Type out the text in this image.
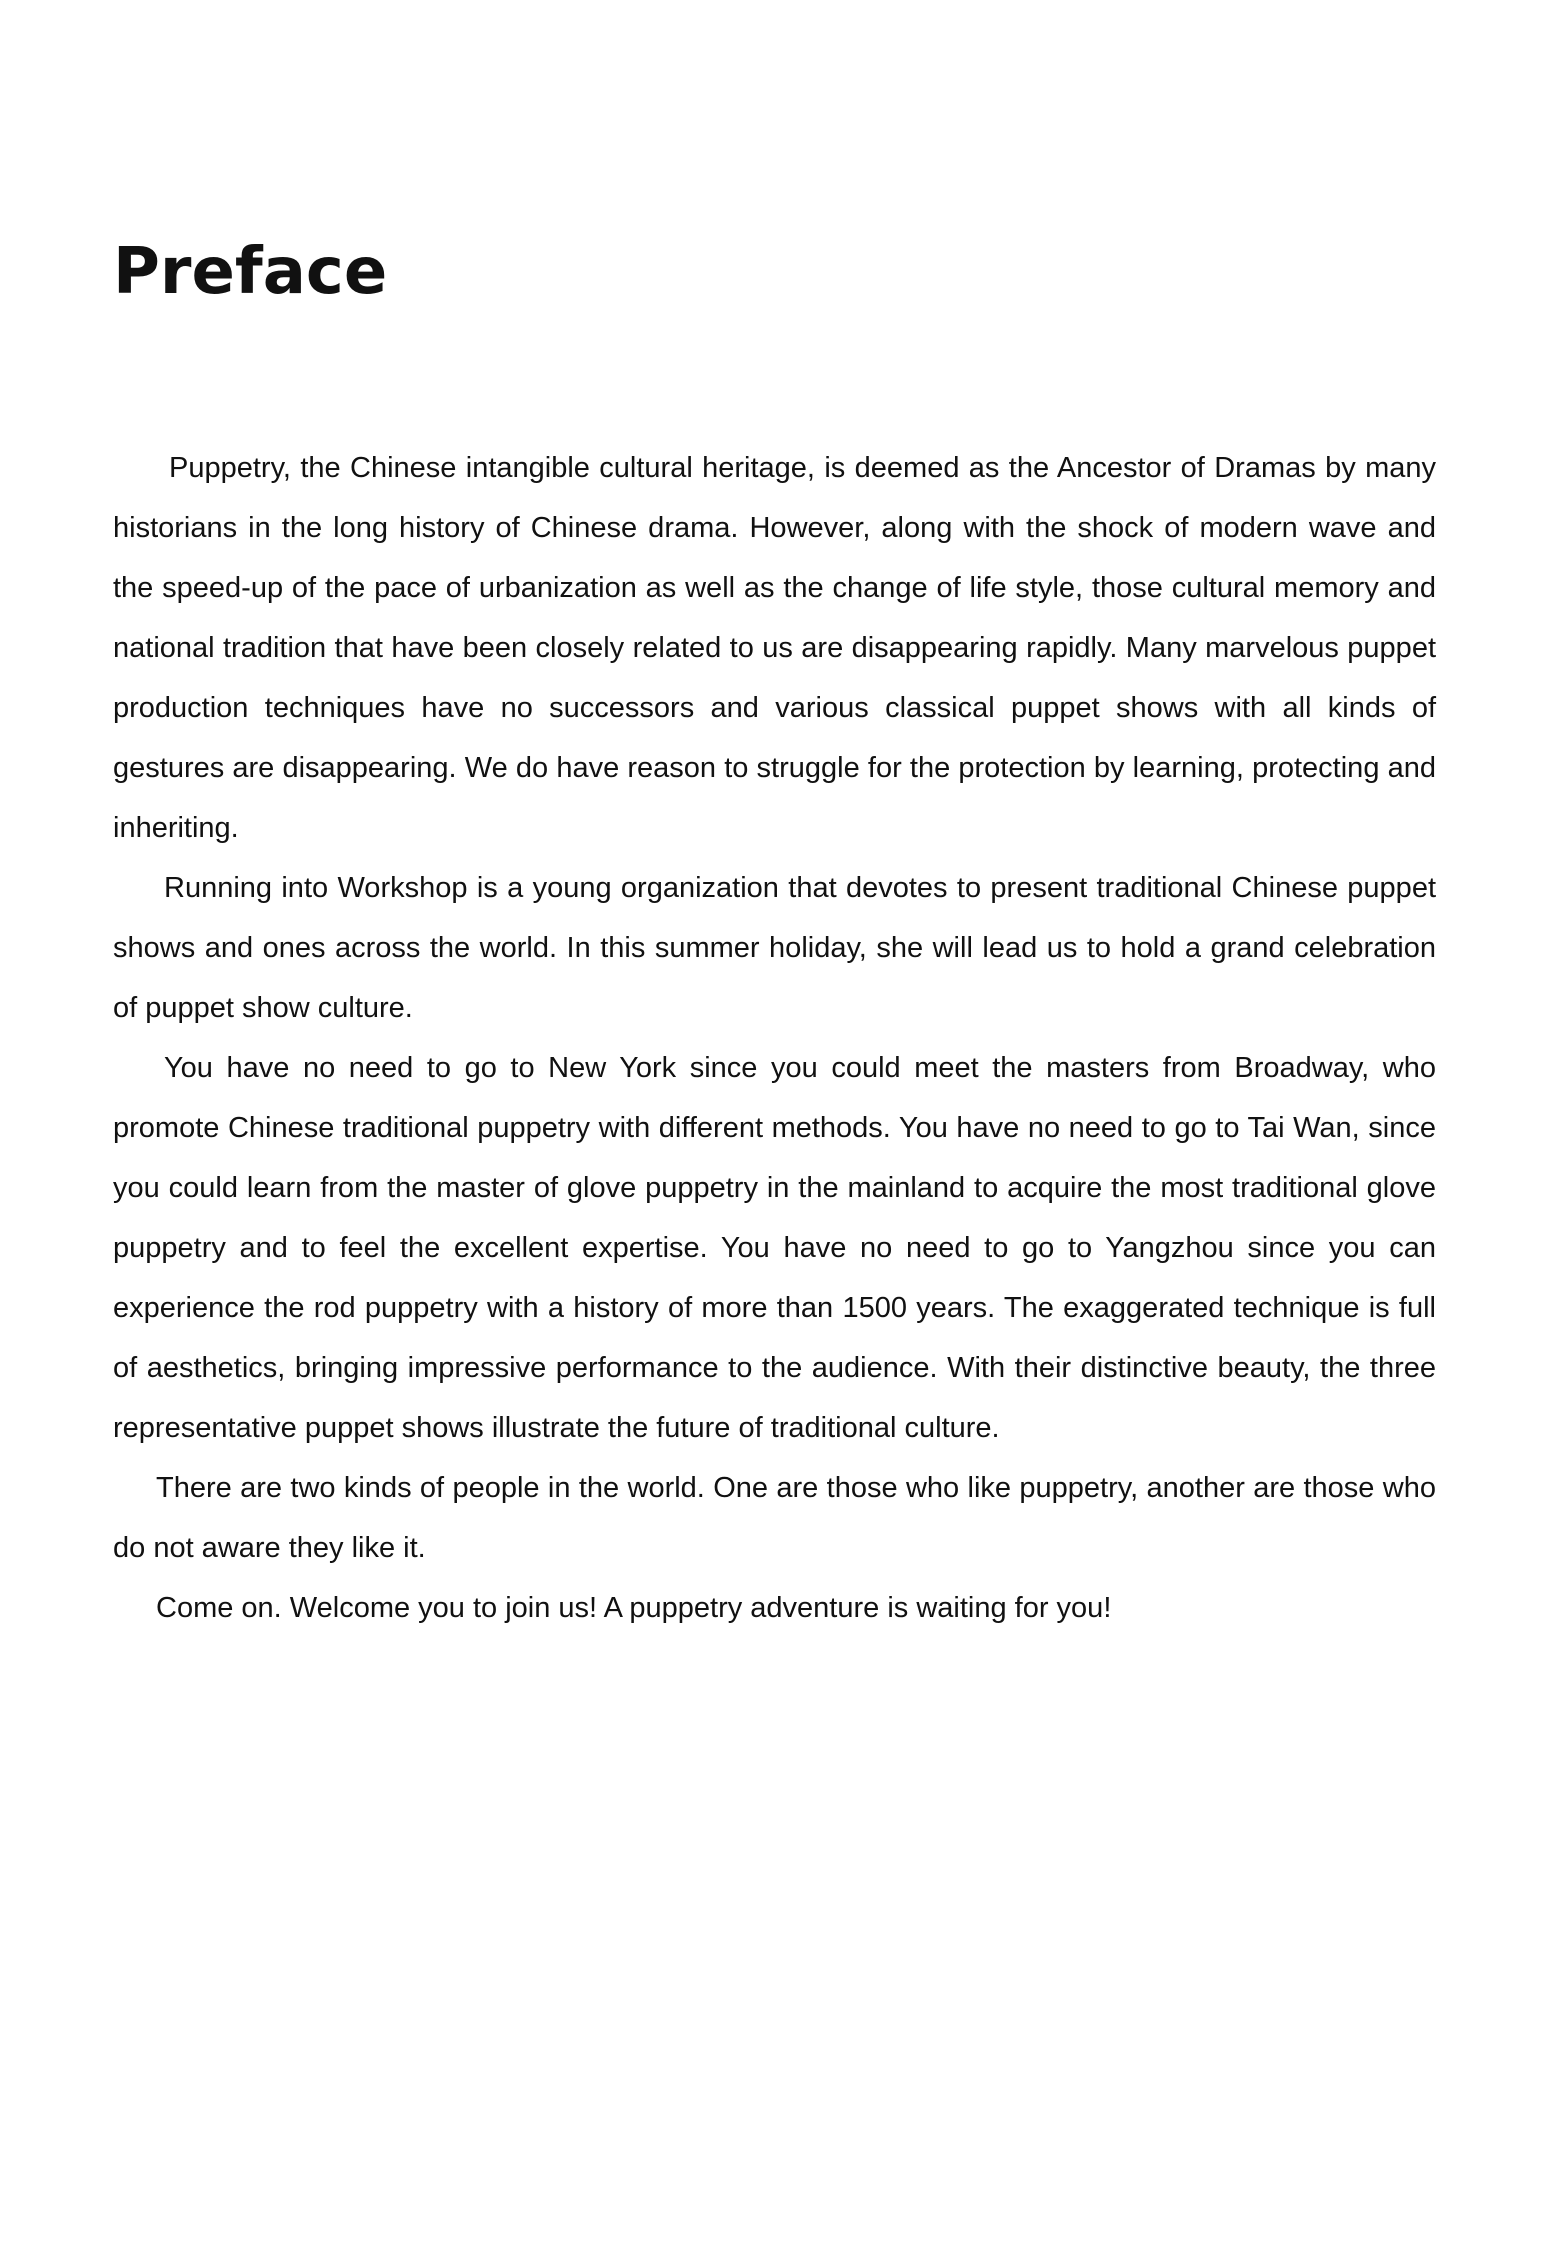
Preface

Puppetry, the Chinese intangible cultural heritage, is deemed as the Ancestor of Dramas by many historians in the long history of Chinese drama. However, along with the shock of modern wave and the speed-up of the pace of urbanization as well as the change of life style, those cultural memory and national tradition that have been closely related to us are disappearing rapidly. Many marvelous puppet production techniques have no successors and various classical puppet shows with all kinds of gestures are disappearing. We do have reason to struggle for the protection by learning, protecting and inheriting.

Running into Workshop is a young organization that devotes to present traditional Chinese puppet shows and ones across the world. In this summer holiday, she will lead us to hold a grand celebration of puppet show culture.

You have no need to go to New York since you could meet the masters from Broadway, who promote Chinese traditional puppetry with different methods. You have no need to go to Tai Wan, since you could learn from the master of glove puppetry in the mainland to acquire the most traditional glove puppetry and to feel the excellent expertise. You have no need to go to Yangzhou since you can experience the rod puppetry with a history of more than 1500 years. The exaggerated technique is full of aesthetics, bringing impressive performance to the audience. With their distinctive beauty, the three representative puppet shows illustrate the future of traditional culture.

There are two kinds of people in the world. One are those who like puppetry, another are those who do not aware they like it.

Come on. Welcome you to join us! A puppetry adventure is waiting for you!
